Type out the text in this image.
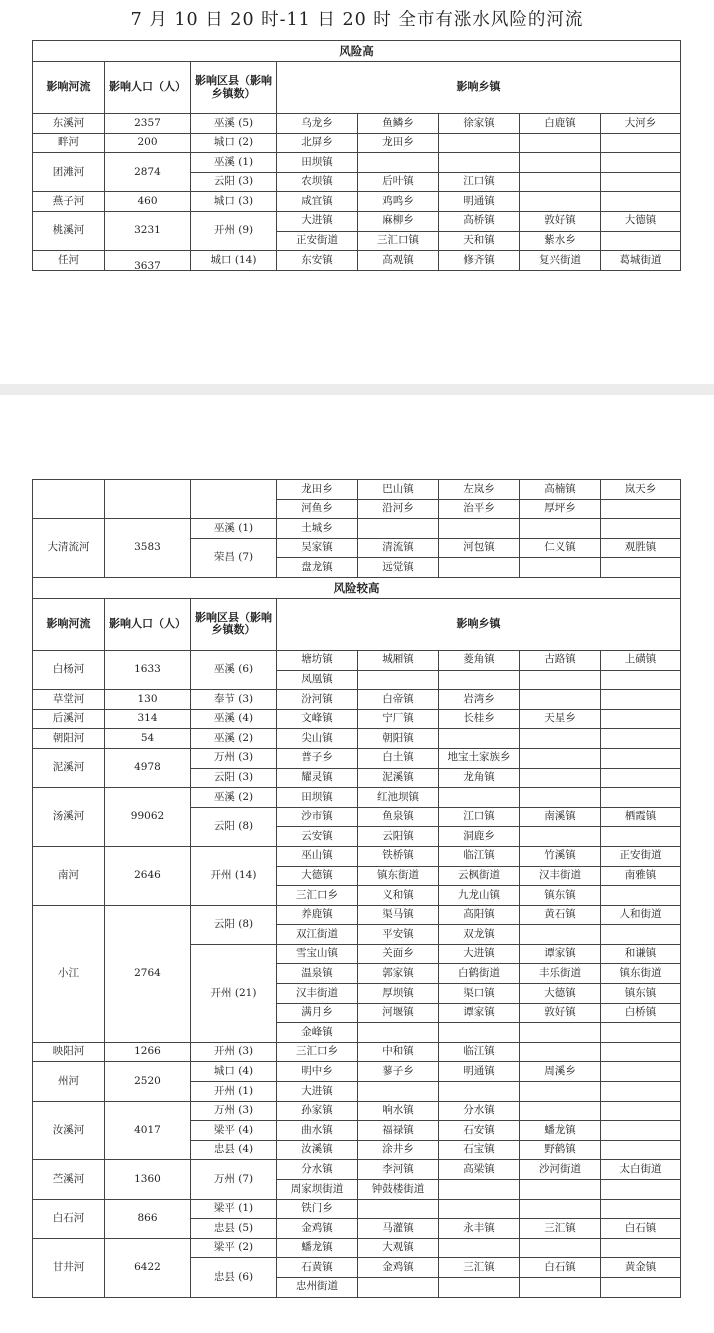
7 月 10 日 20 时-11 日 20 时 全市有涨水风险的河流
风险高							
影响河流	影响人口（人）	影响区县（影响乡镇数）	影响乡镇				
东溪河	2357	巫溪 (5)	乌龙乡	鱼鳞乡	徐家镇	白鹿镇	大河乡
畔河	200	城口 (2)	北屏乡	龙田乡			
团滩河	2874	巫溪 (1)	田坝镇				
		云阳 (3)	农坝镇	后叶镇	江口镇		
燕子河	460	城口 (3)	咸宜镇	鸡鸣乡	明通镇		
桃溪河	3231	开州 (9)	大进镇	麻柳乡	高桥镇	敦好镇	大德镇
			正安街道	三汇口镇	天和镇	紫水乡	
任河	3637	城口 (14)	东安镇	高观镇	修齐镇	复兴街道	葛城街道
			龙田乡	巴山镇	左岚乡	高楠镇	岚天乡
			河鱼乡	沿河乡	治平乡	厚坪乡	
大清流河	3583	巫溪 (1)	土城乡				
		荣昌 (7)	吴家镇	清流镇	河包镇	仁义镇	观胜镇
			盘龙镇	远觉镇			
风险较高							
影响河流	影响人口（人）	影响区县（影响乡镇数）	影响乡镇				
白杨河	1633	巫溪 (6)	塘坊镇	城厢镇	菱角镇	古路镇	上磺镇
			凤凰镇				
草堂河	130	奉节 (3)	汾河镇	白帝镇	岩湾乡		
后溪河	314	巫溪 (4)	文峰镇	宁厂镇	长桂乡	天星乡	
朝阳河	54	巫溪 (2)	尖山镇	朝阳镇			
泥溪河	4978	万州 (3)	普子乡	白土镇	地宝土家族乡		
		云阳 (3)	耀灵镇	泥溪镇	龙角镇		
汤溪河	99062	巫溪 (2)	田坝镇	红池坝镇			
		云阳 (8)	沙市镇	鱼泉镇	江口镇	南溪镇	栖霞镇
			云安镇	云阳镇	洞鹿乡		
南河	2646	开州 (14)	巫山镇	铁桥镇	临江镇	竹溪镇	正安街道
			大德镇	镇东街道	云枫街道	汉丰街道	南雅镇
			三汇口乡	义和镇	九龙山镇	镇东镇	
小江	2764	云阳 (8)	养鹿镇	渠马镇	高阳镇	黄石镇	人和街道
			双江街道	平安镇	双龙镇		
		开州 (21)	雪宝山镇	关面乡	大进镇	谭家镇	和谦镇
			温泉镇	郭家镇	白鹤街道	丰乐街道	镇东街道
			汉丰街道	厚坝镇	渠口镇	大德镇	镇东镇
			满月乡	河堰镇	谭家镇	敦好镇	白桥镇
			金峰镇				
映阳河	1266	开州 (3)	三汇口乡	中和镇	临江镇		
州河	2520	城口 (4)	明中乡	蓼子乡	明通镇	周溪乡	
		开州 (1)	大进镇				
汝溪河	4017	万州 (3)	孙家镇	响水镇	分水镇		
		梁平 (4)	曲水镇	福禄镇	石安镇	蟠龙镇	
		忠县 (4)	汝溪镇	涂井乡	石宝镇	野鹤镇	
苎溪河	1360	万州 (7)	分水镇	李河镇	高梁镇	沙河街道	太白街道
			周家坝街道	钟鼓楼街道			
白石河	866	梁平 (1)	铁门乡				
		忠县 (5)	金鸡镇	马灌镇	永丰镇	三汇镇	白石镇
甘井河	6422	梁平 (2)	蟠龙镇	大观镇			
		忠县 (6)	石黄镇	金鸡镇	三汇镇	白石镇	黄金镇
			忠州街道				
